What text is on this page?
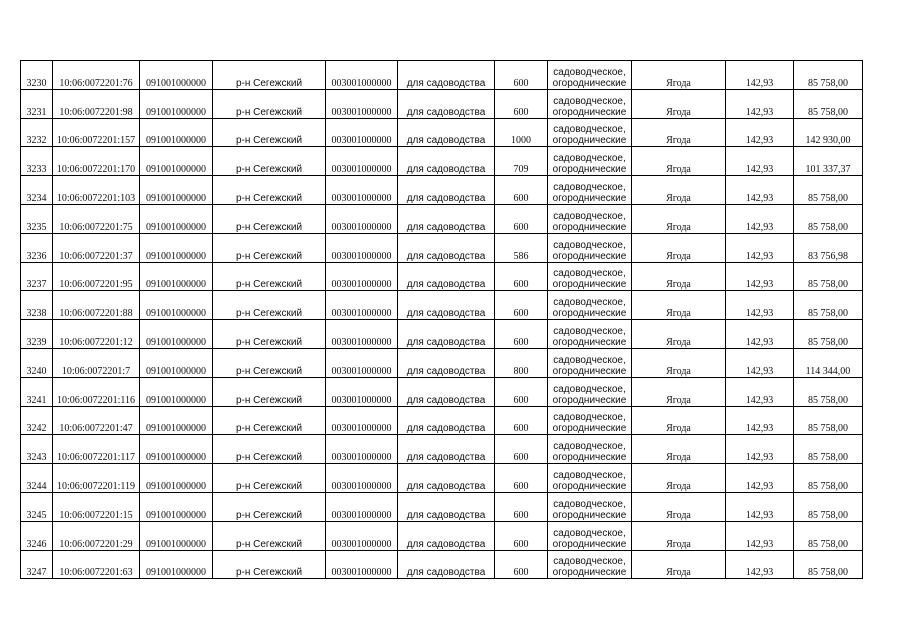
3230	10:06:0072201:76	091001000000	р-н Сегежский	003001000000	для садоводства	600	садоводческое,
огороднические	Ягода	142,93	85 758,00
3231	10:06:0072201:98	091001000000	р-н Сегежский	003001000000	для садоводства	600	садоводческое,
огороднические	Ягода	142,93	85 758,00
3232	10:06:0072201:157	091001000000	р-н Сегежский	003001000000	для садоводства	1000	садоводческое,
огороднические	Ягода	142,93	142 930,00
3233	10:06:0072201:170	091001000000	р-н Сегежский	003001000000	для садоводства	709	садоводческое,
огороднические	Ягода	142,93	101 337,37
3234	10:06:0072201:103	091001000000	р-н Сегежский	003001000000	для садоводства	600	садоводческое,
огороднические	Ягода	142,93	85 758,00
3235	10:06:0072201:75	091001000000	р-н Сегежский	003001000000	для садоводства	600	садоводческое,
огороднические	Ягода	142,93	85 758,00
3236	10:06:0072201:37	091001000000	р-н Сегежский	003001000000	для садоводства	586	садоводческое,
огороднические	Ягода	142,93	83 756,98
3237	10:06:0072201:95	091001000000	р-н Сегежский	003001000000	для садоводства	600	садоводческое,
огороднические	Ягода	142,93	85 758,00
3238	10:06:0072201:88	091001000000	р-н Сегежский	003001000000	для садоводства	600	садоводческое,
огороднические	Ягода	142,93	85 758,00
3239	10:06:0072201:12	091001000000	р-н Сегежский	003001000000	для садоводства	600	садоводческое,
огороднические	Ягода	142,93	85 758,00
3240	10:06:0072201:7	091001000000	р-н Сегежский	003001000000	для садоводства	800	садоводческое,
огороднические	Ягода	142,93	114 344,00
3241	10:06:0072201:116	091001000000	р-н Сегежский	003001000000	для садоводства	600	садоводческое,
огороднические	Ягода	142,93	85 758,00
3242	10:06:0072201:47	091001000000	р-н Сегежский	003001000000	для садоводства	600	садоводческое,
огороднические	Ягода	142,93	85 758,00
3243	10:06:0072201:117	091001000000	р-н Сегежский	003001000000	для садоводства	600	садоводческое,
огороднические	Ягода	142,93	85 758,00
3244	10:06:0072201:119	091001000000	р-н Сегежский	003001000000	для садоводства	600	садоводческое,
огороднические	Ягода	142,93	85 758,00
3245	10:06:0072201:15	091001000000	р-н Сегежский	003001000000	для садоводства	600	садоводческое,
огороднические	Ягода	142,93	85 758,00
3246	10:06:0072201:29	091001000000	р-н Сегежский	003001000000	для садоводства	600	садоводческое,
огороднические	Ягода	142,93	85 758,00
3247	10:06:0072201:63	091001000000	р-н Сегежский	003001000000	для садоводства	600	садоводческое,
огороднические	Ягода	142,93	85 758,00
